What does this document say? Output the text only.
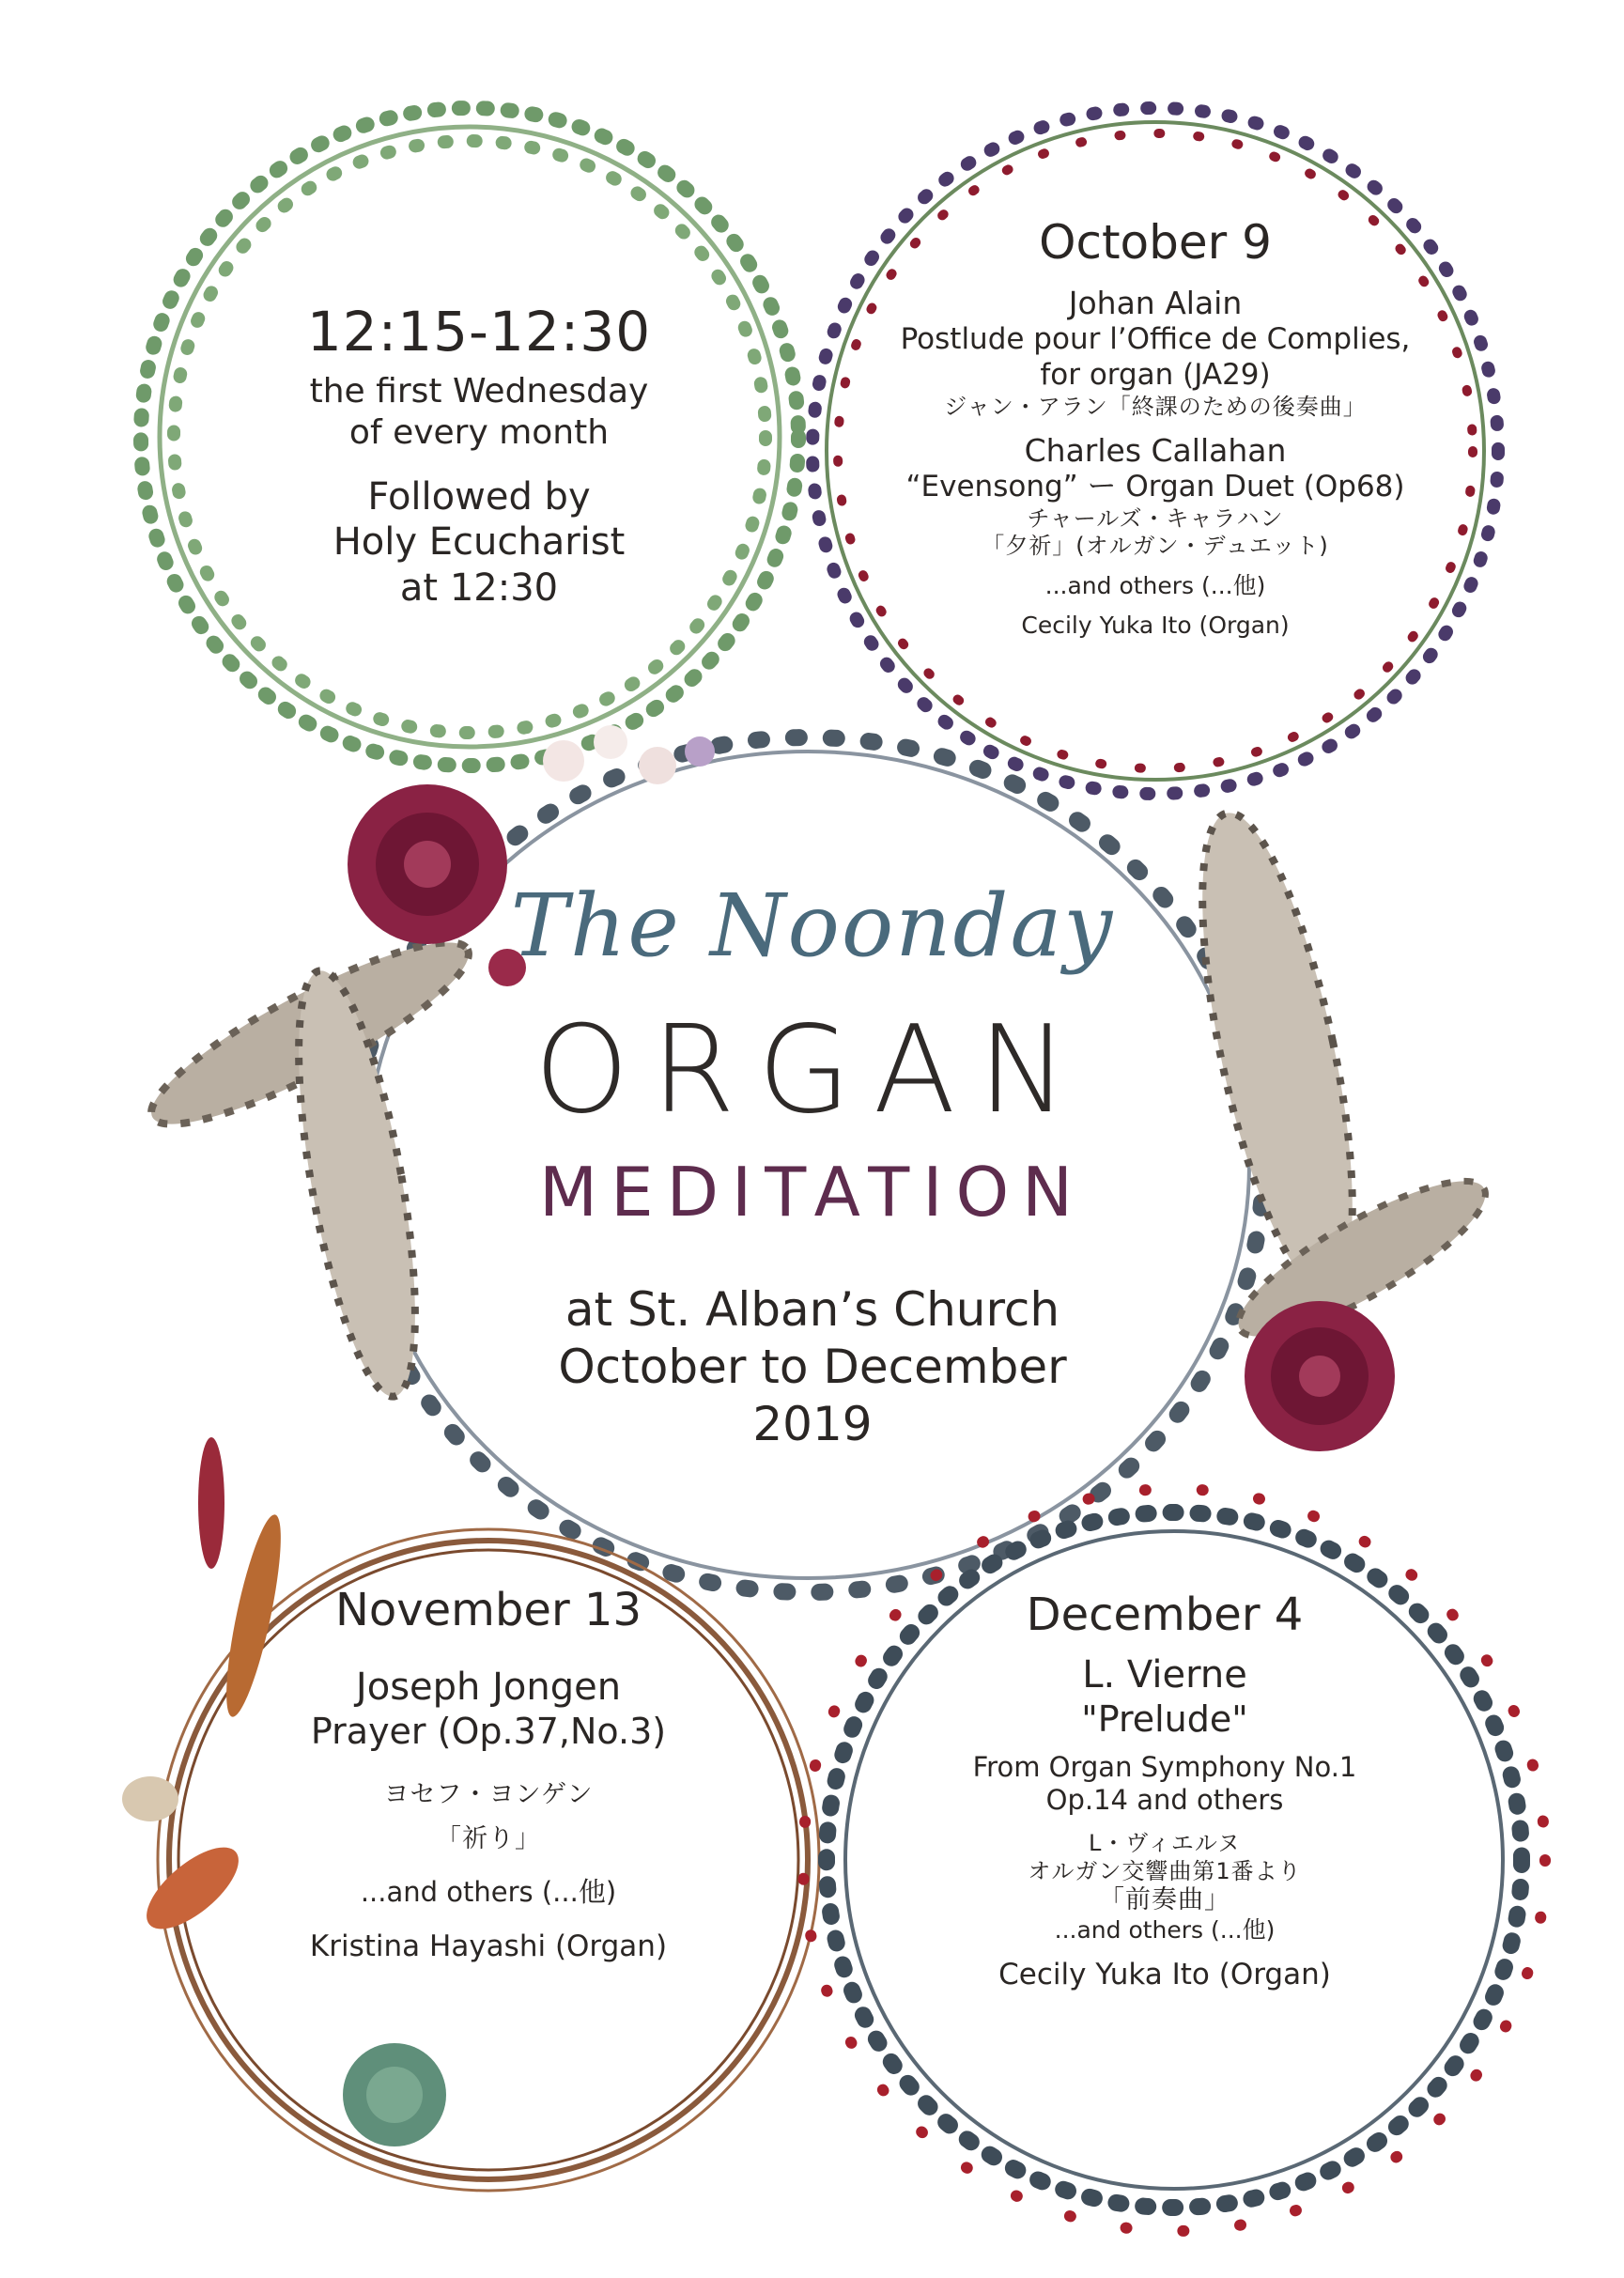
12:15-12:30
the first Wednesday
of every month
Followed by
Holy Ecucharist
at 12:30
October 9
Johan Alain
Postlude pour l’Office de Complies,
for organ (JA29)
ジャン・アラン「終課のための後奏曲」
Charles Callahan
“Evensong” ー Organ Duet (Op68)
チャールズ・キャラハン
「夕祈」(オルガン・デュエット)
...and others (...他)
Cecily Yuka Ito (Organ)
The Noonday
ORGAN
MEDITATION
at St. Alban’s Church
October to December
2019
November 13
Joseph Jongen
Prayer (Op.37,No.3)
ヨセフ・ヨンゲン
「祈り」
...and others (...他)
Kristina Hayashi (Organ)
December 4
L. Vierne
"Prelude"
From Organ Symphony No.1
Op.14 and others
L・ヴィエルヌ
オルガン交響曲第1番より
「前奏曲」
...and others (...他)
Cecily Yuka Ito (Organ)
